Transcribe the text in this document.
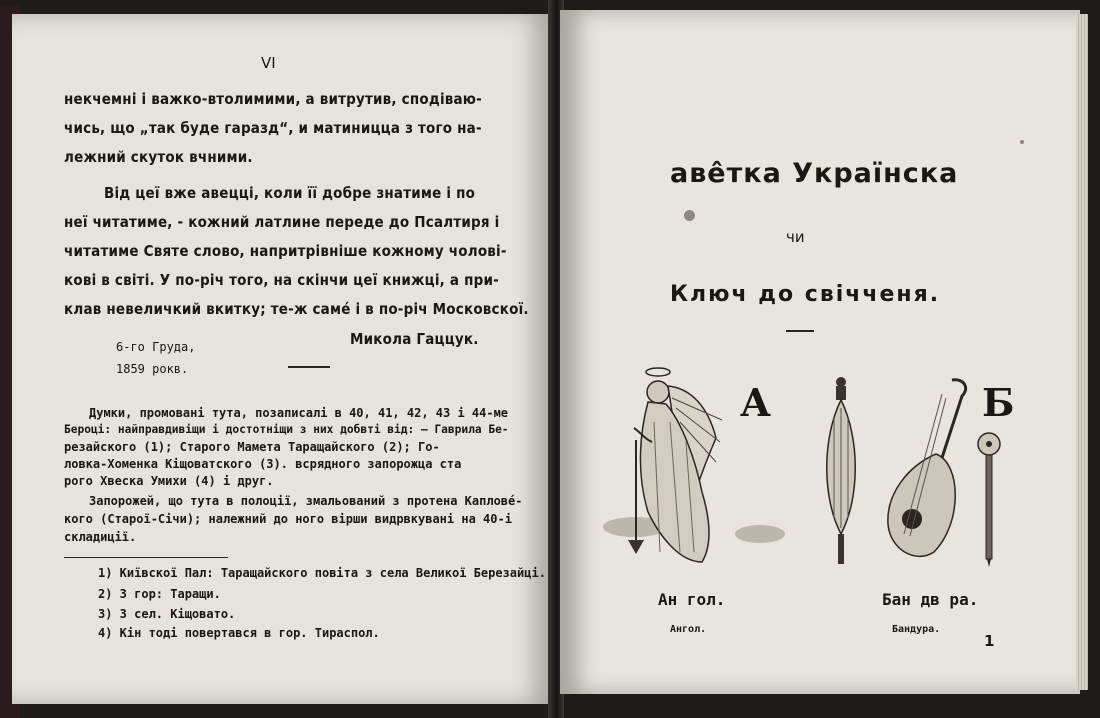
VI
некчемні і важко-втолимими, а витрутив, сподіваю-
чись, що „так буде гаразд“, и матиницца з того на-
лежний скуток вчними.
Від цеї вже авецці, коли її добре знатиме і по
неї читатиме, - кожний латлине переде до Псалтиря і
читатиме Святе слово, напритрівніше кожному чолові-
кові в світі. У по-річ того, на скінчи цеї книжці, а при-
клав невеличкий вкитку; те-ж самé і в по-річ Московскої.
Микола Гаццук.
6-го Груда,
1859 рокв.
Думки, промовані тута, позаписалі в 40, 41, 42, 43 і 44-ме
Бероці: найправдивіщи і достотніщи з них добвті від: — Гаврила Бе-
резайского (1); Старого Мамета Таращайского (2); Го-
ловка-Хоменка Кіщоватского (3). всрядного запорожца ста
рого Хвеска Умихи (4) і друг.
Запорожей, що тута в полоції, змальований з протена Капловé-
кого (Старої-Січи); належний до ного вірши видрвкувані на 40-і
складиції.
1) Київскої Пал: Таращайского повіта з села Великої Березайці.
2) З гор: Таращи.
3) З сел. Кіщовато.
4) Кін тоді повертався в гор. Тираспол.
авêтка Українска
чи
Ключ до свічченя.
А	Б
Ан гол.
Ангол.
Бан дв ра.
Бандура.
1
